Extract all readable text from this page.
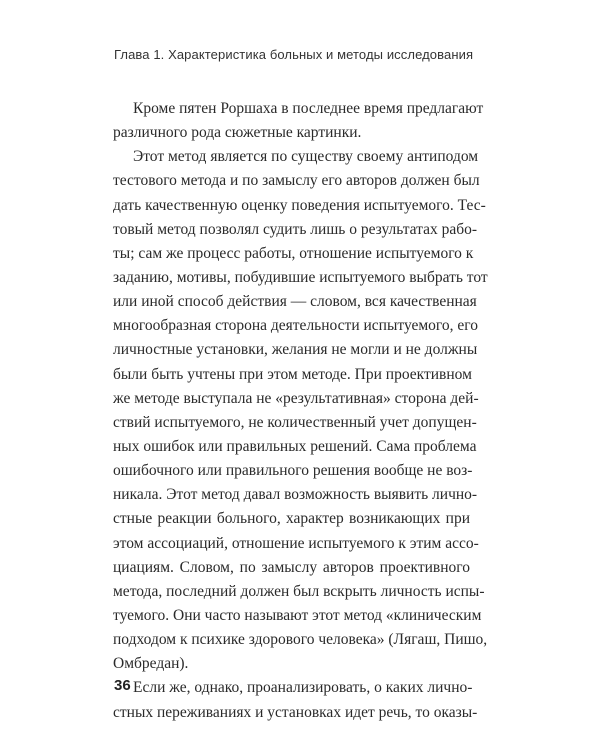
Глава 1. Характеристика больных и методы исследования
Кроме пятен Роршаха в последнее время предлагают
различного рода сюжетные картинки.
Этот метод является по существу своему антиподом
тестового метода и по замыслу его авторов должен был
дать качественную оценку поведения испытуемого. Тес-
товый метод позволял судить лишь о результатах рабо-
ты; сам же процесс работы, отношение испытуемого к
заданию, мотивы, побудившие испытуемого выбрать тот
или иной способ действия — словом, вся качественная
многообразная сторона деятельности испытуемого, его
личностные установки, желания не могли и не должны
были быть учтены при этом методе. При проективном
же методе выступала не «результативная» сторона дей-
ствий испытуемого, не количественный учет допущен-
ных ошибок или правильных решений. Сама проблема
ошибочного или правильного решения вообще не воз-
никала. Этот метод давал возможность выявить лично-
стные реакции больного, характер возникающих при
этом ассоциаций, отношение испытуемого к этим ассо-
циациям. Словом, по замыслу авторов проективного
метода, последний должен был вскрыть личность испы-
туемого. Они часто называют этот метод «клиническим
подходом к психике здорового человека» (Лягаш, Пишо,
Омбредан).
Если же, однако, проанализировать, о каких лично-
стных переживаниях и установках идет речь, то оказы-
36
